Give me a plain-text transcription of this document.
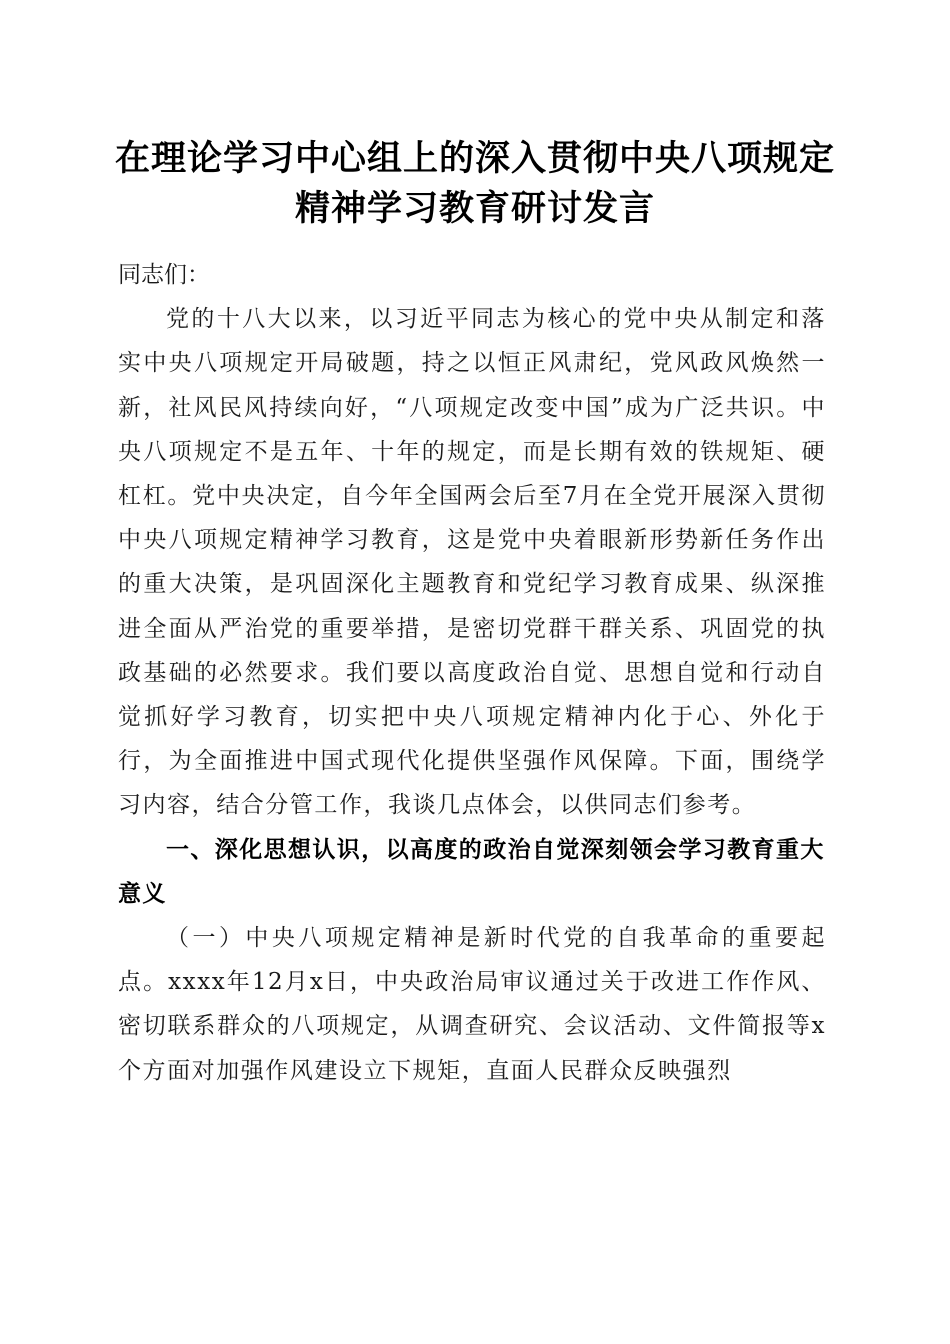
在理论学习中心组上的深入贯彻中央八项规定
精神学习教育研讨发言

同志们：

党的十八大以来，以习近平同志为核心的党中央从制定和落实中央八项规定开局破题，持之以恒正风肃纪，党风政风焕然一新，社风民风持续向好，“八项规定改变中国”成为广泛共识。中央八项规定不是五年、十年的规定，而是长期有效的铁规矩、硬杠杠。党中央决定，自今年全国两会后至7月在全党开展深入贯彻中央八项规定精神学习教育，这是党中央着眼新形势新任务作出的重大决策，是巩固深化主题教育和党纪学习教育成果、纵深推进全面从严治党的重要举措，是密切党群干群关系、巩固党的执政基础的必然要求。我们要以高度政治自觉、思想自觉和行动自觉抓好学习教育，切实把中央八项规定精神内化于心、外化于行，为全面推进中国式现代化提供坚强作风保障。下面，围绕学习内容，结合分管工作，我谈几点体会，以供同志们参考。

一、深化思想认识，以高度的政治自觉深刻领会学习教育重大意义

（一）中央八项规定精神是新时代党的自我革命的重要起点。xxxx年12月x日，中央政治局审议通过关于改进工作作风、密切联系群众的八项规定，从调查研究、会议活动、文件简报等x个方面对加强作风建设立下规矩，直面人民群众反映强烈
